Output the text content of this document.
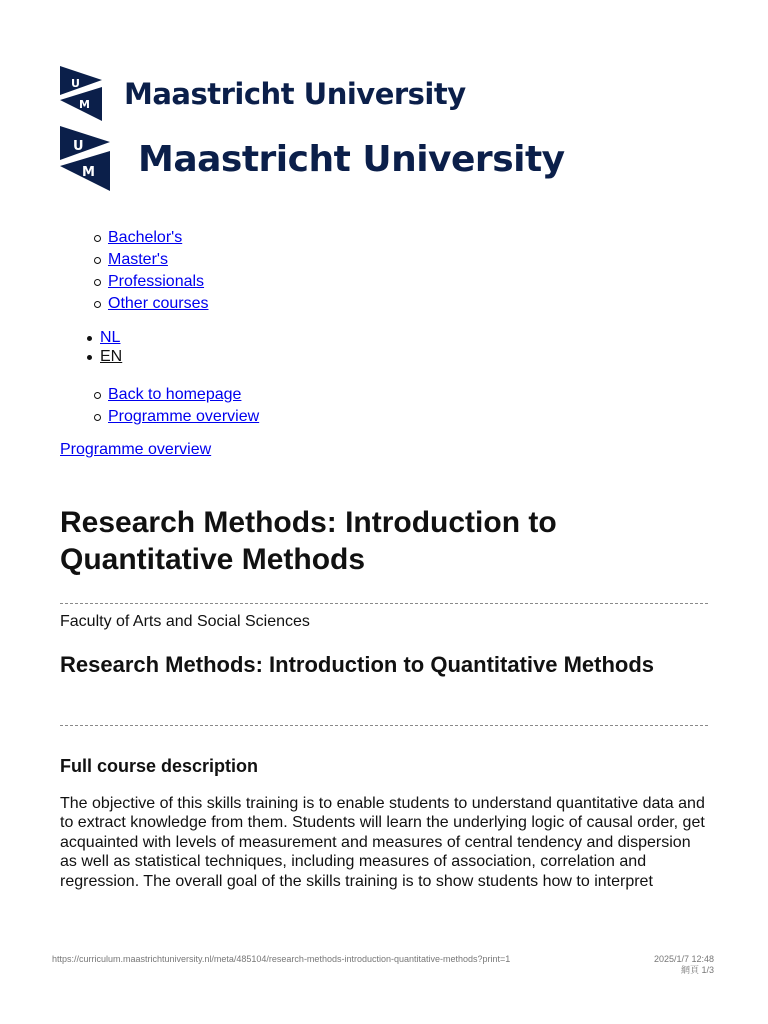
U
M Maastricht University
U
M Maastricht University
Bachelor's
Master's
Professionals
Other courses
NL
EN
Back to homepage
Programme overview
Programme overview
Research Methods: Introduction to Quantitative Methods
Faculty of Arts and Social Sciences
Research Methods: Introduction to Quantitative Methods
Full course description

The objective of this skills training is to enable students to understand quantitative data and to extract knowledge from them. Students will learn the underlying logic of causal order, get acquainted with levels of measurement and measures of central tendency and dispersion as well as statistical techniques, including measures of association, correlation and regression. The overall goal of the skills training is to show students how to interpret

https://curriculum.maastrichtuniversity.nl/meta/485104/research-methods-introduction-quantitative-methods?print=1	2025/1/7 12:48
網頁 1/3
